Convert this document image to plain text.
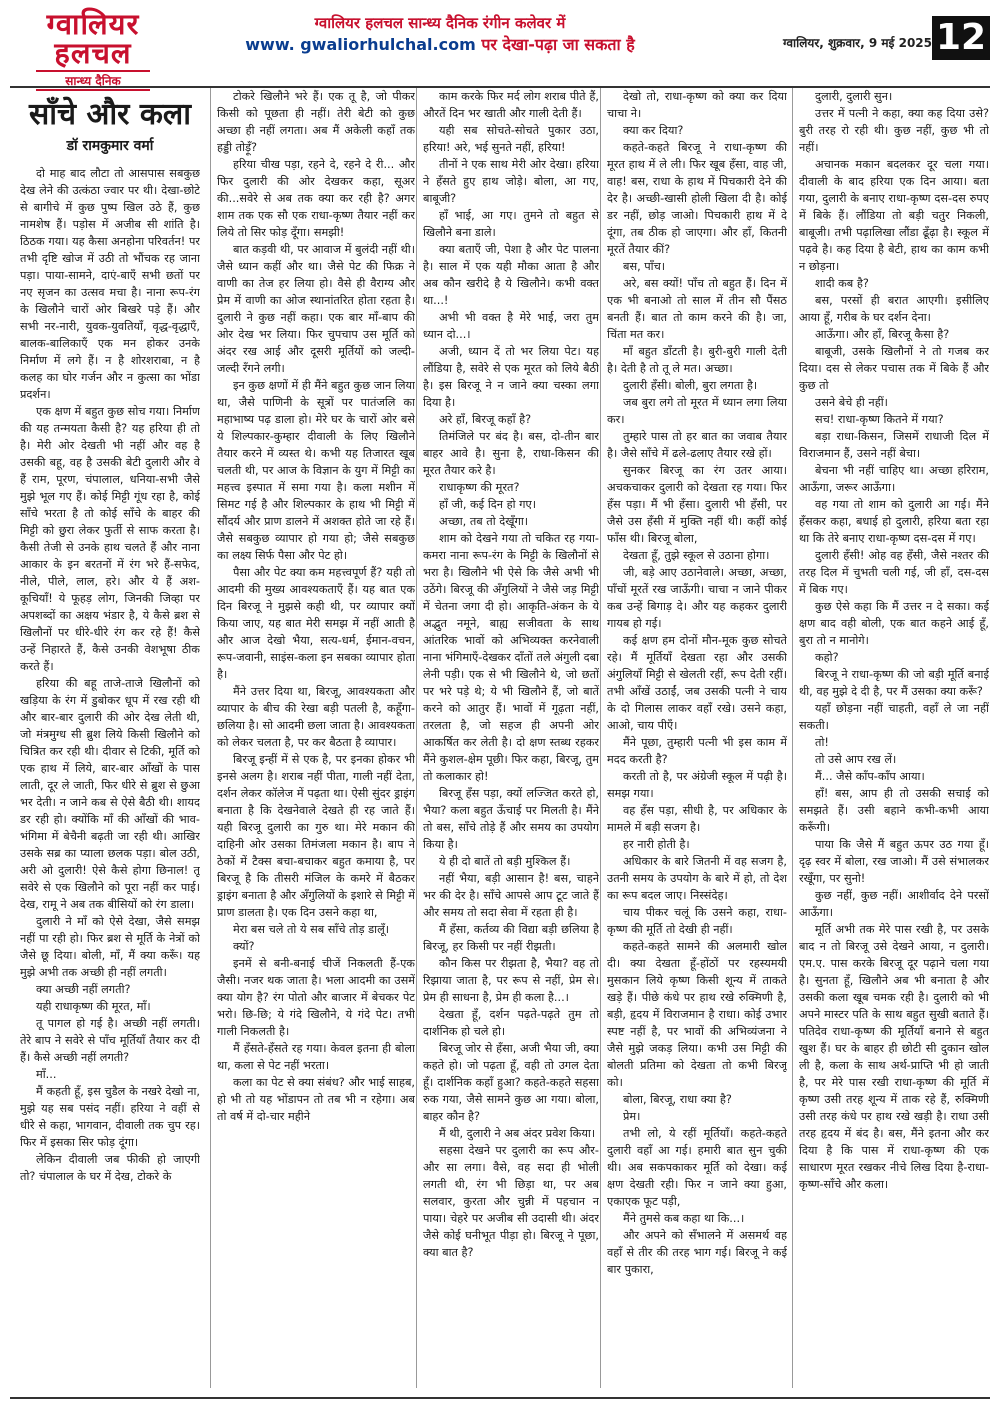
ग्वालियर
हलचल
सान्ध्य दैनिक
ग्वालियर हलचल सान्ध्य दैनिक रंगीन कलेवर में
www. gwaliorhulchal.com पर देखा-पढ़ा जा सकता है	ग्वालियर, शुक्रवार, 9 मई 2025 12
साँचे और कला
डॉ रामकुमार वर्मा

दो माह बाद लौटा तो आसपास सबकुछ देख लेने की उत्कंठा ज्वार पर थी। देखा-छोटे से बागीचे में कुछ पुष्प खिल उठे हैं, कुछ नामशेष हैं। पड़ोस में अजीब सी शांति है। ठिठक गया। यह कैसा अनहोना परिवर्तन! पर तभी दृष्टि खोज में उठी तो भौंचक रह जाना पड़ा। पाया-सामने, दाएं-बाएँ सभी छतों पर नए सृजन का उत्सव मचा है। नाना रूप-रंग के खिलौने चारों ओर बिखरे पड़े हैं। और सभी नर-नारी, युवक-युवतियाँ, वृद्ध-वृद्धाएँ, बालक-बालिकाएँ एक मन होकर उनके निर्माण में लगे हैं। न है शोरशराबा, न है कलह का घोर गर्जन और न कुत्सा का भोंडा प्रदर्शन।

एक क्षण में बहुत कुछ सोच गया। निर्माण की यह तन्मयता कैसी है? यह हरिया ही तो है। मेरी ओर देखती भी नहीं और वह है उसकी बहू, वह है उसकी बेटी दुलारी और वे हैं राम, पूरण, चंपालाल, धनिया-सभी जैसे मुझे भूल गए हैं। कोई मिट्टी गूंध रहा है, कोई साँचे भरता है तो कोई साँचे के बाहर की मिट्टी को छुरा लेकर फुर्ती से साफ करता है। कैसी तेजी से उनके हाथ चलते हैं और नाना आकार के इन बरतनों में रंग भरे हैं-सफेद, नीले, पीले, लाल, हरे। और ये हैं अश-कूचियाँ! ये फूहड़ लोग, जिनकी जिव्हा पर अपशब्दों का अक्षय भंडार है, ये कैसे ब्रश से खिलौनों पर धीरे-धीरे रंग कर रहे हैं! कैसे उन्हें निहारते हैं, कैसे उनकी वेशभूषा ठीक करते हैं।

हरिया की बहू ताजे-ताजे खिलौनों को खड़िया के रंग में डुबोकर धूप में रख रही थी और बार-बार दुलारी की ओर देख लेती थी, जो मंत्रमुग्ध सी ब्रुश लिये किसी खिलौने को चित्रित कर रही थी। दीवार से टिकी, मूर्ति को एक हाथ में लिये, बार-बार आँखों के पास लाती, दूर ले जाती, फिर धीरे से ब्रुश से छुआ भर देती। न जाने कब से ऐसे बैठी थी। शायद डर रही हो। क्योंकि माँ की आँखों की भाव-भंगिमा में बेचैनी बढ़ती जा रही थी। आखिर उसके सब्र का प्याला छलक पड़ा। बोल उठी, अरी ओ दुलारी! ऐसे कैसे होगा छिनाल! तू सवेरे से एक खिलौने को पूरा नहीं कर पाई। देख, रामू ने अब तक बीसियों को रंग डाला।

दुलारी ने माँ को ऐसे देखा, जैसे समझ नहीं पा रही हो। फिर ब्रश से मूर्ति के नेत्रों को जैसे छू दिया। बोली, माँ, मैं क्या करूँ। यह मुझे अभी तक अच्छी ही नहीं लगती।

क्या अच्छी नहीं लगती?

यही राधाकृष्ण की मूरत, माँ।

तू पागल हो गई है। अच्छी नहीं लगती। तेरे बाप ने सवेरे से पाँच मूर्तियाँ तैयार कर दी हैं। कैसे अच्छी नहीं लगती?

माँ...

मैं कहती हूँ, इस चुडैल के नखरे देखो ना, मुझे यह सब पसंद नहीं। हरिया ने वहीं से धीरे से कहा, भागवान, दीवाली तक चुप रह। फिर में इसका सिर फोड़ दूंगा।

लेकिन दीवाली जब फीकी हो जाएगी तो? चंपालाल के घर में देख, टोकरे के

टोकरे खिलौने भरे हैं। एक तू है, जो पीकर किसी को पूछता ही नहीं। तेरी बेटी को कुछ अच्छा ही नहीं लगता। अब मैं अकेली कहाँ तक हड्डी तोड़ूँ?

हरिया चीख पड़ा, रहने दे, रहने दे री... और फिर दुलारी की ओर देखकर कहा, सूअर की...सवेरे से अब तक क्या कर रही है? अगर शाम तक एक सौ एक राधा-कृष्ण तैयार नहीं कर लिये तो सिर फोड़ दूँगा। समझी!

बात कड़वी थी, पर आवाज में बुलंदी नहीं थी। जैसे ध्यान कहीं और था। जैसे पेट की फिक्र ने वाणी का तेज हर लिया हो। वैसे ही वैराग्य और प्रेम में वाणी का ओज स्थानांतरित होता रहता है। दुलारी ने कुछ नहीं कहा। एक बार माँ-बाप की ओर देख भर लिया। फिर चुपचाप उस मूर्ति को अंदर रख आई और दूसरी मूर्तियों को जल्दी-जल्दी रँगने लगी।

इन कुछ क्षणों में ही मैंने बहुत कुछ जान लिया था, जैसे पाणिनी के सूत्रों पर पातंजलि का महाभाष्य पढ़ डाला हो। मेरे घर के चारों ओर बसे ये शिल्पकार-कुम्हार दीवाली के लिए खिलौने तैयार करने में व्यस्त थे। कभी यह तिजारत खूब चलती थी, पर आज के विज्ञान के युग में मिट्टी का महत्त्व इस्पात में समा गया है। कला मशीन में सिमट गई है और शिल्पकार के हाथ भी मिट्टी में सौंदर्य और प्राण डालने में अशक्त होते जा रहे हैं। जैसे सबकुछ व्यापार हो गया हो; जैसे सबकुछ का लक्ष्य सिर्फ पैसा और पेट हो।

पैसा और पेट क्या कम महत्त्वपूर्ण हैं? यही तो आदमी की मुख्य आवश्यकताएँ हैं। यह बात एक दिन बिरजू ने मुझसे कही थी, पर व्यापार क्यों किया जाए, यह बात मेरी समझ में नहीं आती है और आज देखो भैया, सत्य-धर्म, ईमान-वचन, रूप-जवानी, साइंस-कला इन सबका व्यापार होता है।

मैंने उत्तर दिया था, बिरजू, आवश्यकता और व्यापार के बीच की रेखा बड़ी पतली है, कहूँगा-छलिया है। सो आदमी छला जाता है। आवश्यकता को लेकर चलता है, पर कर बैठता है व्यापार।

बिरजू इन्हीं में से एक है, पर इनका होकर भी इनसे अलग है। शराब नहीं पीता, गाली नहीं देता, दर्शन लेकर कॉलेज में पढ़ता था। ऐसी सुंदर ड्राइंग बनाता है कि देखनेवाले देखते ही रह जाते हैं। यही बिरजू दुलारी का गुरु था। मेरे मकान की दाहिनी ओर उसका तिमंजला मकान है। बाप ने ठेकों में टैक्स बचा-बचाकर बहुत कमाया है, पर बिरजू है कि तीसरी मंजिल के कमरे में बैठकर ड्राइंग बनाता है और अँगुलियों के इशारे से मिट्टी में प्राण डालता है। एक दिन उसने कहा था,

मेरा बस चले तो ये सब साँचे तोड़ डालूँ।

क्यों?

इनमें से बनी-बनाई चीजें निकलती हैं-एक जैसी। नजर थक जाता है। भला आदमी का उसमें क्या योग है? रंग पोतो और बाजार में बेचकर पेट भरो। छि-छि; ये गंदे खिलौने, ये गंदे पेट। तभी गाली निकलती है।

मैं हँसते-हँसते रह गया। केवल इतना ही बोला था, कला से पेट नहीं भरता।

कला का पेट से क्या संबंध? और भाई साहब, हो भी तो यह भोंडापन तो तब भी न रहेगा। अब तो वर्ष में दो-चार महीने

काम करके फिर मर्द लोग शराब पीते हैं, औरतें दिन भर खाती और गाली देती हैं।

यही सब सोचते-सोचते पुकार उठा, हरिया! अरे, भई सुनते नहीं, हरिया!

तीनों ने एक साथ मेरी ओर देखा। हरिया ने हँसते हुए हाथ जोड़े। बोला, आ गए, बाबूजी?

हाँ भाई, आ गए। तुमने तो बहुत से खिलौने बना डाले।

क्या बताएँ जी, पेशा है और पेट पालना है। साल में एक यही मौका आता है और अब कौन खरीदे है ये खिलौने। कभी वक्त था...!

अभी भी वक्त है मेरे भाई, जरा तुम ध्यान दो...।

अजी, ध्यान दें तो भर लिया पेट। यह लौंडिया है, सवेरे से एक मूरत को लिये बैठी है। इस बिरजू ने न जाने क्या चस्का लगा दिया है।

अरे हाँ, बिरजू कहाँ है?

तिमंजिले पर बंद है। बस, दो-तीन बार बाहर आवे है। सुना है, राधा-किसन की मूरत तैयार करे है।

राधाकृष्ण की मूरत?

हाँ जी, कई दिन हो गए।

अच्छा, तब तो देखूँगा।

शाम को देखने गया तो चकित रह गया-कमरा नाना रूप-रंग के मिट्टी के खिलौनों से भरा है। खिलौने भी ऐसे कि जैसे अभी भी उठेंगे। बिरजू की अँगुलियों ने जैसे जड़ मिट्टी में चेतना जगा दी हो। आकृति-अंकन के ये अद्भुत नमूने, बाह्य सजीवता के साथ आंतरिक भावों को अभिव्यक्त करनेवाली नाना भंगिमाएँ-देखकर दाँतों तले अंगुली दबा लेनी पड़ी। एक से भी खिलौने थे, जो छतों पर भरे पड़े थे; ये भी खिलौने हैं, जो बातें करने को आतुर हैं। भावों में गूढ़ता नहीं, तरलता है, जो सहज ही अपनी ओर आकर्षित कर लेती है। दो क्षण स्तब्ध रहकर मैंने कुशल-क्षेम पूछी। फिर कहा, बिरजू, तुम तो कलाकार हो!

बिरजू हँस पड़ा, क्यों लज्जित करते हो, भैया? कला बहुत ऊँचाई पर मिलती है। मैंने तो बस, साँचे तोड़े हैं और समय का उपयोग किया है।

ये ही दो बातें तो बड़ी मुश्किल हैं।

नहीं भैया, बड़ी आसान है! बस, चाहने भर की देर है। साँचे आपसे आप टूट जाते हैं और समय तो सदा सेवा में रहता ही है।

मैं हँसा, कर्तव्य की विद्या बड़ी छलिया है बिरजू, हर किसी पर नहीं रीझती।

कौन किस पर रीझता है, भैया? वह तो रिझाया जाता है, पर रूप से नहीं, प्रेम से। प्रेम ही साधना है, प्रेम ही कला है...।

देखता हूँ, दर्शन पढ़ते-पढ़ते तुम तो दार्शनिक हो चले हो।

बिरजू जोर से हँसा, अजी भैया जी, क्या कहते हो। जो पढ़ता हूँ, वही तो उगल देता हूँ। दार्शनिक कहाँ हुआ? कहते-कहते सहसा रुक गया, जैसे सामने कुछ आ गया। बोला, बाहर कौन है?

मैं थी, दुलारी ने अब अंदर प्रवेश किया।

सहसा देखने पर दुलारी का रूप और-और सा लगा। वैसे, वह सदा ही भोली लगती थी, रंग भी छिड़ा था, पर अब सलवार, कुरता और चुन्नी में पहचान न पाया। चेहरे पर अजीब सी उदासी थी। अंदर जैसे कोई घनीभूत पीड़ा हो। बिरजू ने पूछा, क्या बात है?

देखो तो, राधा-कृष्ण को क्या कर दिया चाचा ने।

क्या कर दिया?

कहते-कहते बिरजू ने राधा-कृष्ण की मूरत हाथ में ले ली। फिर खूब हँसा, वाह जी, वाह! बस, राधा के हाथ में पिचकारी देने की देर है। अच्छी-खासी होली खिला दी है। कोई डर नहीं, छोड़ जाओ। पिचकारी हाथ में दे दूंगा, तब ठीक हो जाएगा। और हाँ, कितनी मूरतें तैयार कीं?

बस, पाँच।

अरे, बस क्यों! पाँच तो बहुत हैं। दिन में एक भी बनाओ तो साल में तीन सौ पैंसठ बनती हैं। बात तो काम करने की है। जा, चिंता मत कर।

माँ बहुत डाँटती है। बुरी-बुरी गाली देती है। देती है तो तू ले मत। अच्छा।

दुलारी हँसी। बोली, बुरा लगता है।

जब बुरा लगे तो मूरत में ध्यान लगा लिया कर।

तुम्हारे पास तो हर बात का जवाब तैयार है। जैसे साँचे में ढले-ढलाए तैयार रखे हों।

सुनकर बिरजू का रंग उतर आया। अचकचाकर दुलारी को देखता रह गया। फिर हँस पड़ा। मैं भी हँसा। दुलारी भी हँसी, पर जैसे उस हँसी में मुक्ति नहीं थी। कहीं कोई फाँस थी। बिरजू बोला,

देखता हूँ, तुझे स्कूल से उठाना होगा।

जी, बड़े आए उठानेवाले। अच्छा, अच्छा, पाँचों मूरतें रख जाऊँगी। चाचा न जाने पीकर कब उन्हें बिगाड़ दे। और यह कहकर दुलारी गायब हो गई।

कई क्षण हम दोनों मौन-मूक कुछ सोचते रहे। मैं मूर्तियाँ देखता रहा और उसकी अंगुलियाँ मिट्टी से खेलती रहीं, रूप देती रहीं। तभी आँखें उठाईं, जब उसकी पत्नी ने चाय के दो गिलास लाकर वहाँ रखे। उसने कहा, आओ, चाय पीएँ।

मैंने पूछा, तुम्हारी पत्नी भी इस काम में मदद करती है?

करती तो है, पर अंग्रेजी स्कूल में पढ़ी है।समझ गया।

वह हँस पड़ा, सीधी है, पर अधिकार के मामले में बड़ी सजग है।

हर नारी होती है।

अधिकार के बारे जितनी में वह सजग है, उतनी समय के उपयोग के बारे में हो, तो देश का रूप बदल जाए। निस्संदेह।

चाय पीकर चलूं कि उसने कहा, राधा-कृष्ण की मूर्ति तो देखी ही नहीं।

कहते-कहते सामने की अलमारी खोल दी। क्या देखता हूँ-होंठों पर रहस्यमयी मुसकान लिये कृष्ण किसी शून्य में ताकते खड़े हैं। पीछे कंधे पर हाथ रखे रुक्मिणी है, बड़ी, हृदय में विराजमान है राधा। कोई उभार स्पष्ट नहीं है, पर भावों की अभिव्यंजना ने जैसे मुझे जकड़ लिया। कभी उस मिट्टी की बोलती प्रतिमा को देखता तो कभी बिरजू को।

बोला, बिरजू, राधा क्या है?

प्रेम।

तभी लो, ये रहीं मूर्तियाँ। कहते-कहते दुलारी वहाँ आ गई। हमारी बात सुन चुकी थी। अब सकपकाकर मूर्ति को देखा। कई क्षण देखती रही। फिर न जाने क्या हुआ, एकाएक फूट पड़ी,

मैंने तुमसे कब कहा था कि...।

और अपने को सँभालने में असमर्थ वह वहाँ से तीर की तरह भाग गई। बिरजू ने कई बार पुकारा,

दुलारी, दुलारी सुन।

उत्तर में पत्नी ने कहा, क्या कह दिया उसे? बुरी तरह रो रही थी। कुछ नहीं, कुछ भी तो नहीं।

अचानक मकान बदलकर दूर चला गया। दीवाली के बाद हरिया एक दिन आया। बता गया, दुलारी के बनाए राधा-कृष्ण दस-दस रुपए में बिके हैं। लौंडिया तो बड़ी चतुर निकली, बाबूजी। तभी पढ़ालिखा लौंडा ढूँढ़ा है। स्कूल में पढ़वे है। कह दिया है बेटी, हाथ का काम कभी न छोड़ना।

शादी कब है?

बस, परसों ही बरात आएगी। इसीलिए आया हूँ, गरीब के घर दर्शन देना।

आऊँगा। और हाँ, बिरजू कैसा है?

बाबूजी, उसके खिलौनों ने तो गजब कर दिया। दस से लेकर पचास तक में बिके हैं और कुछ तो

उसने बेचे ही नहीं।

सच! राधा-कृष्ण कितने में गया?

बड़ा राधा-किसन, जिसमें राधाजी दिल में विराजमान हैं, उसने नहीं बेचा।

बेचना भी नहीं चाहिए था। अच्छा हरिराम, आऊँगा, जरूर आऊँगा।

वह गया तो शाम को दुलारी आ गई। मैंने हँसकर कहा, बधाई हो दुलारी, हरिया बता रहा था कि तेरे बनाए राधा-कृष्ण दस-दस में गए।

दुलारी हँसी! ओह वह हँसी, जैसे नश्तर की तरह दिल में चुभती चली गई, जी हाँ, दस-दस में बिक गए।

कुछ ऐसे कहा कि मैं उत्तर न दे सका। कई क्षण बाद वही बोली, एक बात कहने आई हूँ, बुरा तो न मानोगे।

कहो?

बिरजू ने राधा-कृष्ण की जो बड़ी मूर्ति बनाई थी, वह मुझे दे दी है, पर मैं उसका क्या करूँ?

यहाँ छोड़ना नहीं चाहती, वहाँ ले जा नहीं सकती।

तो!

तो उसे आप रख लें।

मैं... जैसे काँप-काँप आया।

हाँ! बस, आप ही तो उसकी सचाई को समझते हैं। उसी बहाने कभी-कभी आया करूँगी।

पाया कि जैसे मैं बहुत ऊपर उठ गया हूँ। दृढ़ स्वर में बोला, रख जाओ। मैं उसे संभालकर रखूँगा, पर सुनो!

कुछ नहीं, कुछ नहीं। आशीर्वाद देने परसों आऊँगा।

मूर्ति अभी तक मेरे पास रखी है, पर उसके बाद न तो बिरजू उसे देखने आया, न दुलारी। एम.ए. पास करके बिरजू दूर पढ़ाने चला गया है। सुनता हूँ, खिलौने अब भी बनाता है और उसकी कला खूब चमक रही है। दुलारी को भी अपने मास्टर पति के साथ बहुत सुखी बताते हैं। पतिदेव राधा-कृष्ण की मूर्तियाँ बनाने से बहुत खुश हैं। घर के बाहर ही छोटी सी दुकान खोल ली है, कला के साथ अर्थ-प्राप्ति भी हो जाती है, पर मेरे पास रखी राधा-कृष्ण की मूर्ति में कृष्ण उसी तरह शून्य में ताक रहे हैं, रुक्मिणी उसी तरह कंधे पर हाथ रखे खड़ी है। राधा उसी तरह हृदय में बंद है। बस, मैंने इतना और कर दिया है कि पास में राधा-कृष्ण की एक साधारण मूरत रखकर नीचे लिख दिया है-राधा-कृष्ण-साँचे और कला।
